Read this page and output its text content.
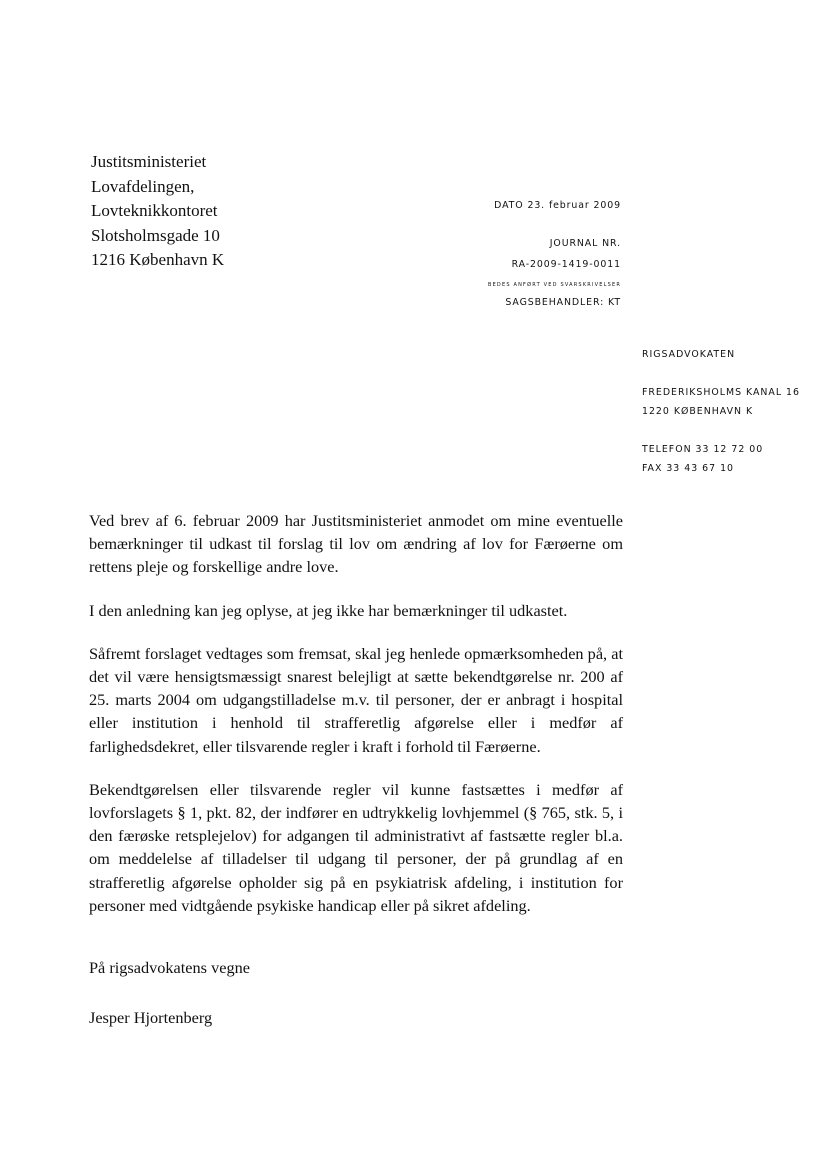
Justitsministeriet
Lovafdelingen,
Lovteknikkontoret
Slotsholmsgade 10
1216 København K
DATO 23. februar 2009
JOURNAL NR.
RA-2009-1419-0011
BEDES ANFØRT VED SVARSKRIVELSER
SAGSBEHANDLER: KT
RIGSADVOKATEN
FREDERIKSHOLMS KANAL 16
1220 KØBENHAVN K
TELEFON 33 12 72 00
FAX 33 43 67 10

Ved brev af 6. februar 2009 har Justitsministeriet anmodet om mine eventuelle bemærkninger til udkast til forslag til lov om ændring af lov for Færøerne om rettens pleje og forskellige andre love.

I den anledning kan jeg oplyse, at jeg ikke har bemærkninger til udkastet.

Såfremt forslaget vedtages som fremsat, skal jeg henlede opmærksomheden på, at det vil være hensigtsmæssigt snarest belejligt at sætte bekendtgørelse nr. 200 af 25. marts 2004 om udgangstilladelse m.v. til personer, der er anbragt i hospital eller institution i henhold til strafferetlig afgørelse eller i medfør af farlighedsdekret, eller tilsvarende regler i kraft i forhold til Færøerne.

Bekendtgørelsen eller tilsvarende regler vil kunne fastsættes i medfør af lovforslagets § 1, pkt. 82, der indfører en udtrykkelig lovhjemmel (§ 765, stk. 5, i den færøske retsplejelov) for adgangen til administrativt af fastsætte regler bl.a. om meddelelse af tilladelser til udgang til personer, der på grundlag af en strafferetlig afgørelse opholder sig på en psykiatrisk afdeling, i institution for personer med vidtgående psykiske handicap eller på sikret afdeling.

På rigsadvokatens vegne
Jesper Hjortenberg
